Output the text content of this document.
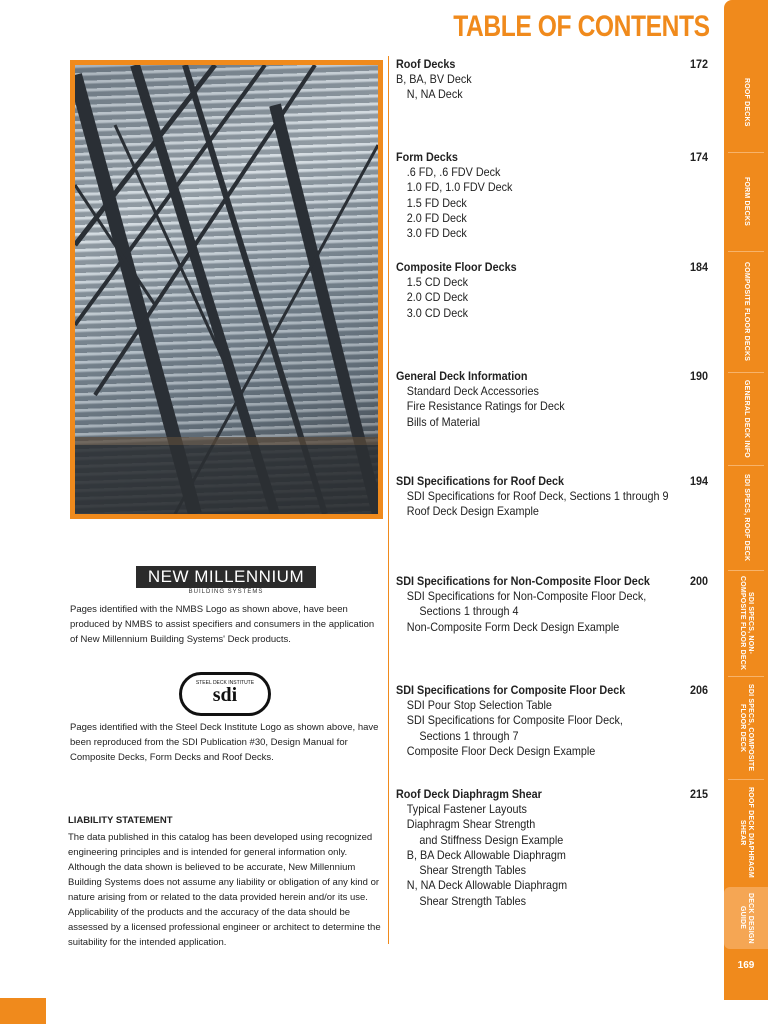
TABLE OF CONTENTS
NEW MILLENNIUM
BUILDING SYSTEMS
Pages identified with the NMBS Logo as shown above, have been produced by NMBS to assist specifiers and consumers in the application of New Millennium Building Systems' Deck products.
STEEL DECK INSTITUTE
sdi
Pages identified with the Steel Deck Institute Logo as shown above, have been reproduced from the SDI Publication #30, Design Manual for Composite Decks, Form Decks and Roof Decks.
LIABILITY STATEMENT
The data published in this catalog has been developed using recognized engineering principles and is intended for general information only. Although the data shown is believed to be accurate, New Millennium Building Systems does not assume any liability or obligation of any kind or nature arising from or related to the data provided herein and/or its use. Applicability of the products and the accuracy of the data should be assessed by a licensed professional engineer or architect to determine the suitability for the intended application.
Roof Decks	172
B, BA, BV Deck
N, NA Deck
Form Decks	174
.6 FD, .6 FDV Deck
1.0 FD, 1.0 FDV Deck
1.5 FD Deck
2.0 FD Deck
3.0 FD Deck
Composite Floor Decks	184
1.5 CD Deck
2.0 CD Deck
3.0 CD Deck
General Deck Information	190
Standard Deck Accessories
Fire Resistance Ratings for Deck
Bills of Material
SDI Specifications for Roof Deck	194
SDI Specifications for Roof Deck, Sections 1 through 9
Roof Deck Design Example
SDI Specifications for Non-Composite Floor Deck	200
SDI Specifications for Non-Composite Floor Deck,
Sections 1 through 4
Non-Composite Form Deck Design Example
SDI Specifications for Composite Floor Deck	206
SDI Pour Stop Selection Table
SDI Specifications for Composite Floor Deck,
Sections 1 through 7
Composite Floor Deck Design Example
Roof Deck Diaphragm Shear	215
Typical Fastener Layouts
Diaphragm Shear Strength
and Stiffness Design Example
B, BA Deck Allowable Diaphragm
Shear Strength Tables
N, NA Deck Allowable Diaphragm
Shear Strength Tables
ROOF DECKS
FORM DECKS
COMPOSITE FLOOR DECKS
GENERAL DECK INFO
SDI SPECS, ROOF DECK
SDI SPECS, NON-COMPOSITE FLOOR DECK
SDI SPECS, COMPOSITE FLOOR DECK
ROOF DECK DIAPHRAGM SHEAR
DECK DESIGN GUIDE
169
